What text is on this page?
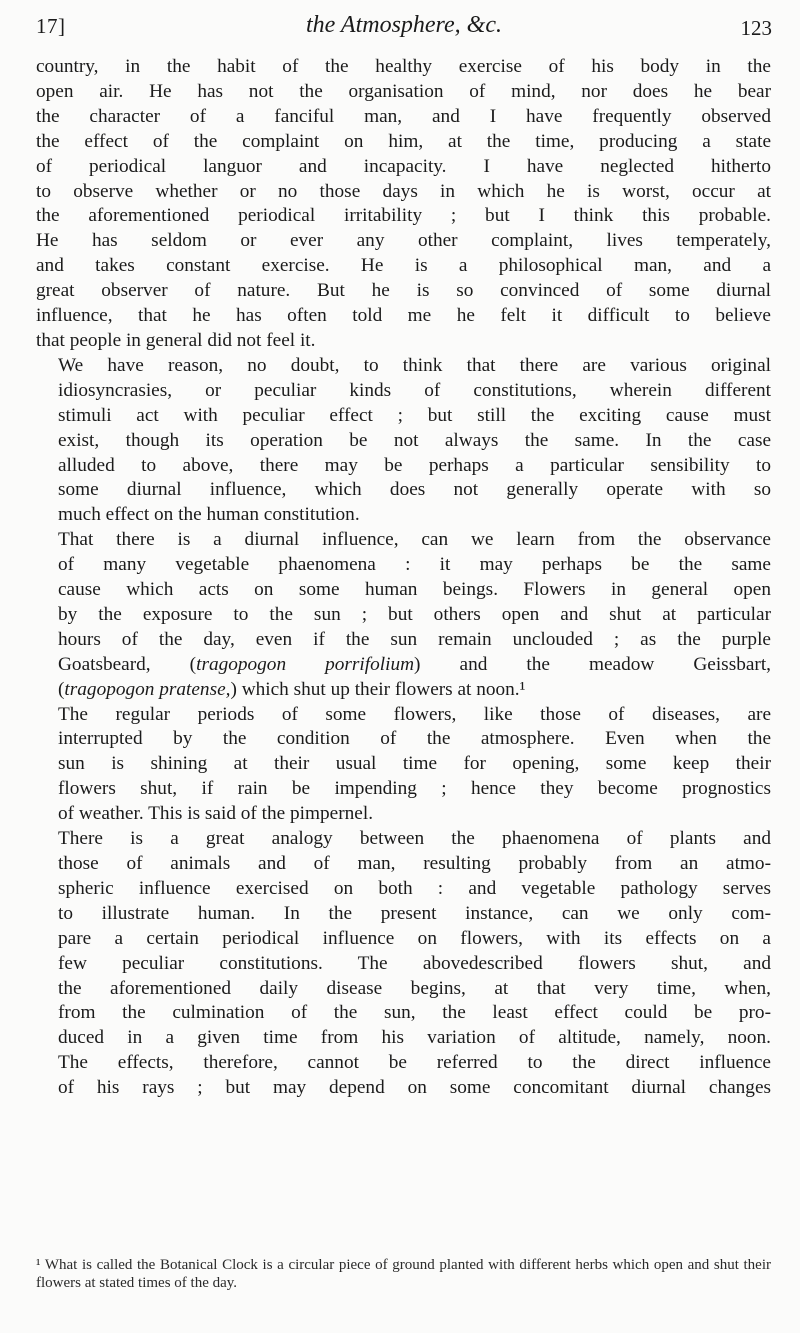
17]	the Atmosphere, &c.	123

country, in the habit of the healthy exercise of his body in the
open air. He has not the organisation of mind, nor does he bear
the character of a fanciful man, and I have frequently observed
the effect of the complaint on him, at the time, producing a state
of periodical languor and incapacity. I have neglected hitherto
to observe whether or no those days in which he is worst, occur at
the aforementioned periodical irritability ; but I think this probable.
He has seldom or ever any other complaint, lives temperately,
and takes constant exercise. He is a philosophical man, and a
great observer of nature. But he is so convinced of some diurnal
influence, that he has often told me he felt it difficult to believe
that people in general did not feel it.

We have reason, no doubt, to think that there are various original
idiosyncrasies, or peculiar kinds of constitutions, wherein different
stimuli act with peculiar effect ; but still the exciting cause must
exist, though its operation be not always the same. In the case
alluded to above, there may be perhaps a particular sensibility to
some diurnal influence, which does not generally operate with so
much effect on the human constitution.

That there is a diurnal influence, can we learn from the observance
of many vegetable phaenomena : it may perhaps be the same
cause which acts on some human beings. Flowers in general open
by the exposure to the sun ; but others open and shut at particular
hours of the day, even if the sun remain unclouded ; as the purple
Goatsbeard, (tragopogon porrifolium) and the meadow Geissbart,
(tragopogon pratense,) which shut up their flowers at noon.¹

The regular periods of some flowers, like those of diseases, are
interrupted by the condition of the atmosphere. Even when the
sun is shining at their usual time for opening, some keep their
flowers shut, if rain be impending ; hence they become prognostics
of weather. This is said of the pimpernel.

There is a great analogy between the phaenomena of plants and
those of animals and of man, resulting probably from an atmo-
spheric influence exercised on both : and vegetable pathology serves
to illustrate human. In the present instance, can we only com-
pare a certain periodical influence on flowers, with its effects on a
few peculiar constitutions. The abovedescribed flowers shut, and
the aforementioned daily disease begins, at that very time, when,
from the culmination of the sun, the least effect could be pro-
duced in a given time from his variation of altitude, namely, noon.
The effects, therefore, cannot be referred to the direct influence
of his rays ; but may depend on some concomitant diurnal changes

¹ What is called the Botanical Clock is a circular piece of ground planted with different herbs which open and shut their flowers at stated times of the day.
